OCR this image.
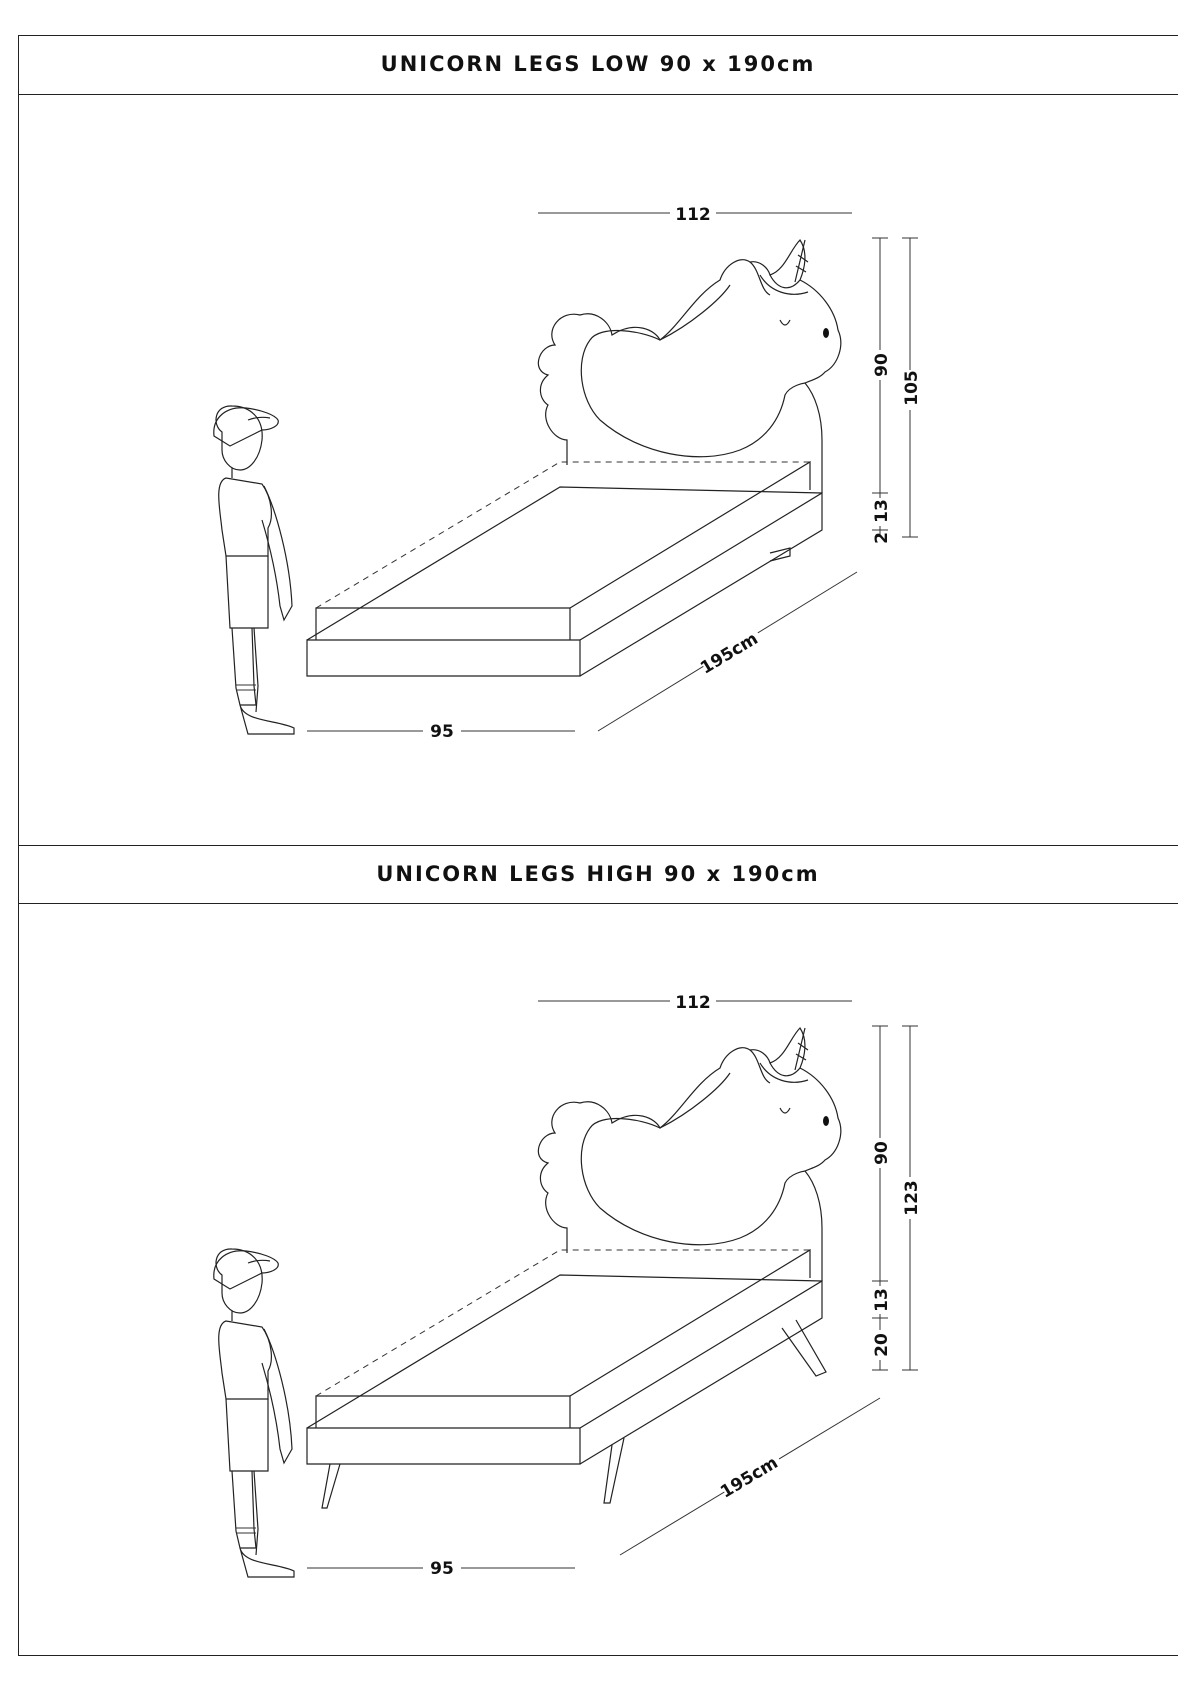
UNICORN LEGS LOW 90 x 190cm
UNICORN LEGS HIGH 90 x 190cm
112
90
105
13
2
195cm
95
112
90
123
13
20
195cm
95
